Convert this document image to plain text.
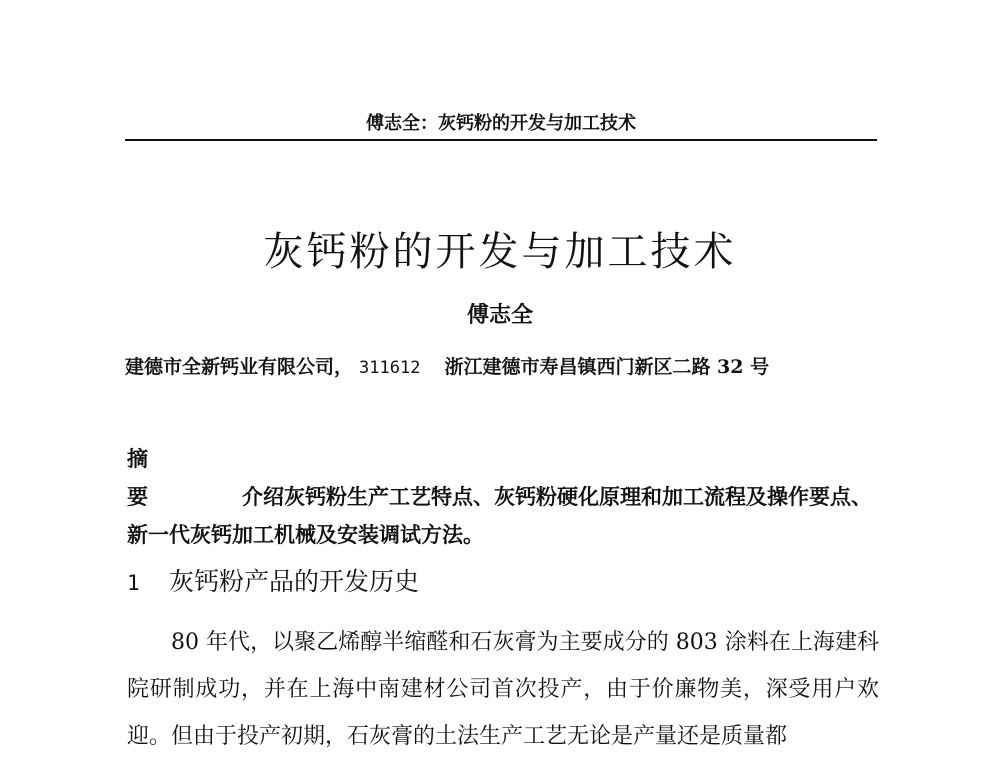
傅志全：灰钙粉的开发与加工技术
灰钙粉的开发与加工技术
傅志全
建德市全新钙业有限公司， 311612 浙江建德市寿昌镇西门新区二路 32 号
摘 要	介绍灰钙粉生产工艺特点、灰钙粉硬化原理和加工流程及操作要点、新一代灰钙加工机械及安装调试方法。
1 灰钙粉产品的开发历史
80 年代，以聚乙烯醇半缩醛和石灰膏为主要成分的 803 涂料在上海建科院研制成功，并在上海中南建材公司首次投产，由于价廉物美，深受用户欢迎。但由于投产初期，石灰膏的土法生产工艺无论是产量还是质量都
